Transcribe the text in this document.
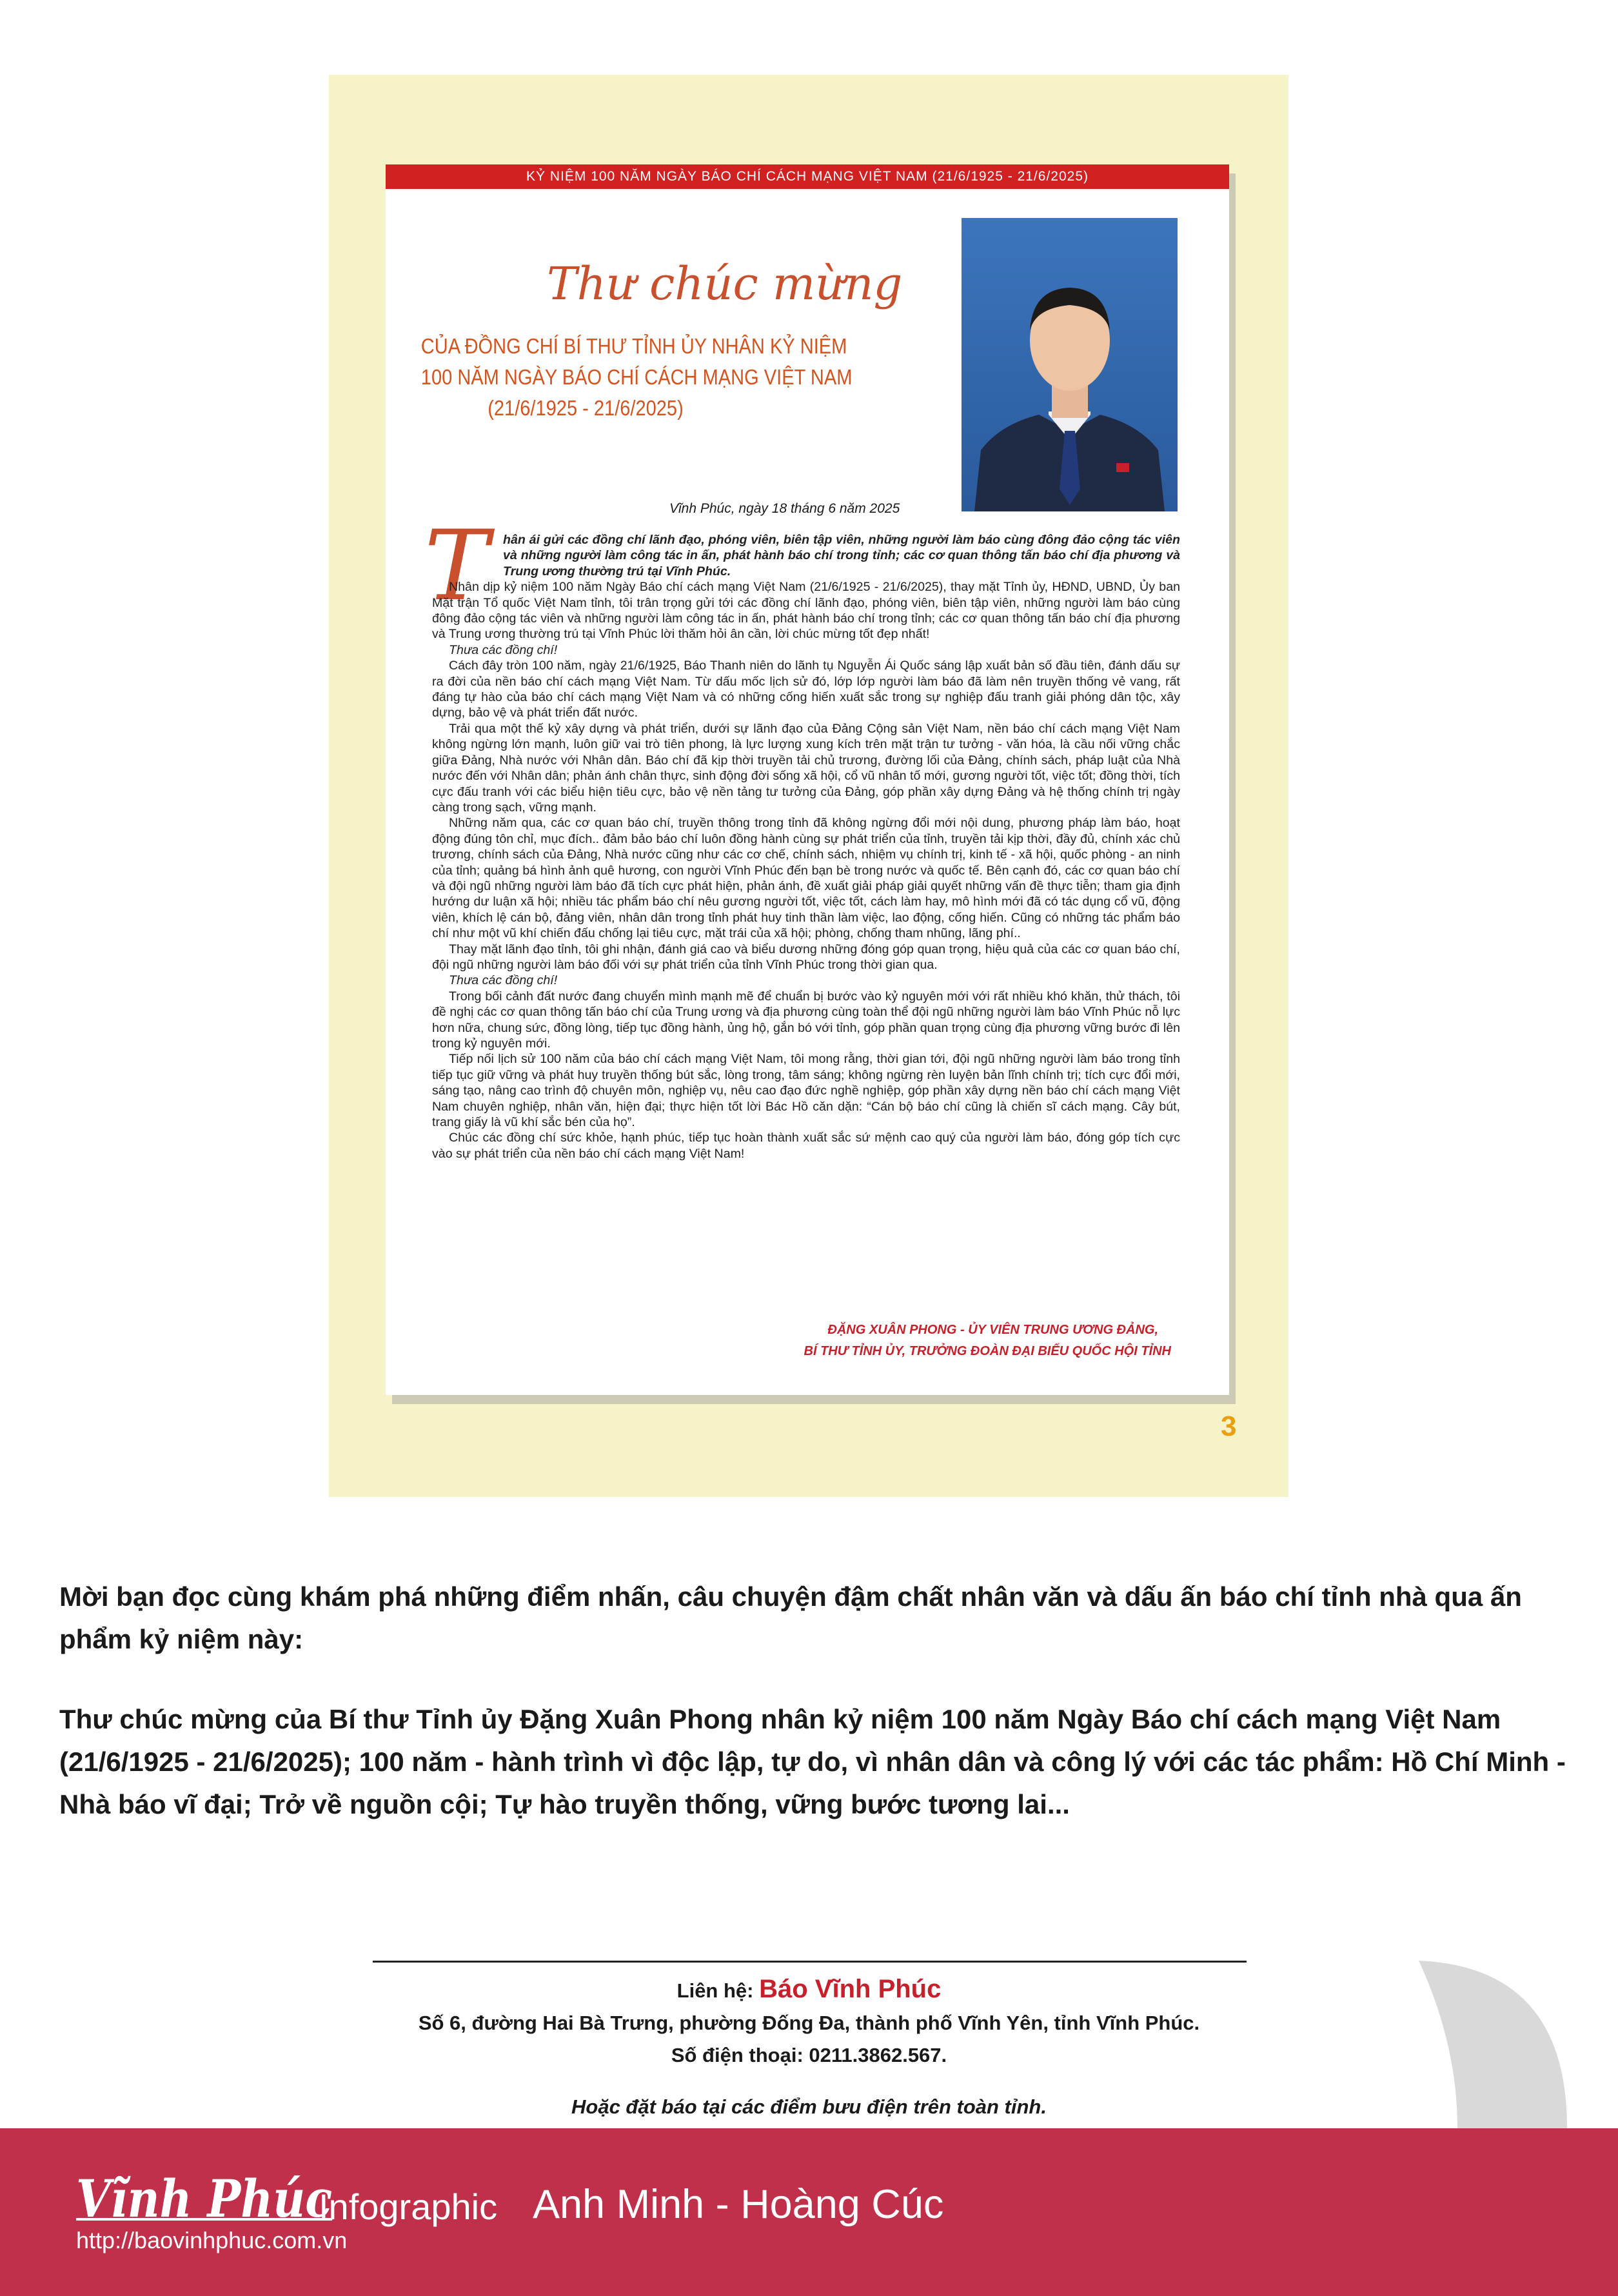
KỶ NIỆM 100 NĂM NGÀY BÁO CHÍ CÁCH MẠNG VIỆT NAM (21/6/1925 - 21/6/2025)
Thư chúc mừng
CỦA ĐỒNG CHÍ BÍ THƯ TỈNH ỦY NHÂN KỶ NIỆM
100 NĂM NGÀY BÁO CHÍ CÁCH MẠNG VIỆT NAM
(21/6/1925 - 21/6/2025)
Vĩnh Phúc, ngày 18 tháng 6 năm 2025
T hân ái gửi các đồng chí lãnh đạo, phóng viên, biên tập viên, những người làm báo cùng đông đảo cộng tác viên và những người làm công tác in ấn, phát hành báo chí trong tỉnh; các cơ quan thông tấn báo chí địa phương và Trung ương thường trú tại Vĩnh Phúc.

Nhân dịp kỷ niệm 100 năm Ngày Báo chí cách mạng Việt Nam (21/6/1925 - 21/6/2025), thay mặt Tỉnh ủy, HĐND, UBND, Ủy ban Mặt trận Tổ quốc Việt Nam tỉnh, tôi trân trọng gửi tới các đồng chí lãnh đạo, phóng viên, biên tập viên, những người làm báo cùng đông đảo cộng tác viên và những người làm công tác in ấn, phát hành báo chí trong tỉnh; các cơ quan thông tấn báo chí địa phương và Trung ương thường trú tại Vĩnh Phúc lời thăm hỏi ân cần, lời chúc mừng tốt đẹp nhất!

Thưa các đồng chí!

Cách đây tròn 100 năm, ngày 21/6/1925, Báo Thanh niên do lãnh tụ Nguyễn Ái Quốc sáng lập xuất bản số đầu tiên, đánh dấu sự ra đời của nền báo chí cách mạng Việt Nam. Từ dấu mốc lịch sử đó, lớp lớp người làm báo đã làm nên truyền thống vẻ vang, rất đáng tự hào của báo chí cách mạng Việt Nam và có những cống hiến xuất sắc trong sự nghiệp đấu tranh giải phóng dân tộc, xây dựng, bảo vệ và phát triển đất nước.

Trải qua một thế kỷ xây dựng và phát triển, dưới sự lãnh đạo của Đảng Cộng sản Việt Nam, nền báo chí cách mạng Việt Nam không ngừng lớn mạnh, luôn giữ vai trò tiên phong, là lực lượng xung kích trên mặt trận tư tưởng - văn hóa, là cầu nối vững chắc giữa Đảng, Nhà nước với Nhân dân. Báo chí đã kịp thời truyền tải chủ trương, đường lối của Đảng, chính sách, pháp luật của Nhà nước đến với Nhân dân; phản ánh chân thực, sinh động đời sống xã hội, cổ vũ nhân tố mới, gương người tốt, việc tốt; đồng thời, tích cực đấu tranh với các biểu hiện tiêu cực, bảo vệ nền tảng tư tưởng của Đảng, góp phần xây dựng Đảng và hệ thống chính trị ngày càng trong sạch, vững mạnh.

Những năm qua, các cơ quan báo chí, truyền thông trong tỉnh đã không ngừng đổi mới nội dung, phương pháp làm báo, hoạt động đúng tôn chỉ, mục đích.. đảm bảo báo chí luôn đồng hành cùng sự phát triển của tỉnh, truyền tải kịp thời, đầy đủ, chính xác chủ trương, chính sách của Đảng, Nhà nước cũng như các cơ chế, chính sách, nhiệm vụ chính trị, kinh tế - xã hội, quốc phòng - an ninh của tỉnh; quảng bá hình ảnh quê hương, con người Vĩnh Phúc đến bạn bè trong nước và quốc tế. Bên cạnh đó, các cơ quan báo chí và đội ngũ những người làm báo đã tích cực phát hiện, phản ánh, đề xuất giải pháp giải quyết những vấn đề thực tiễn; tham gia định hướng dư luận xã hội; nhiều tác phẩm báo chí nêu gương người tốt, việc tốt, cách làm hay, mô hình mới đã có tác dụng cổ vũ, động viên, khích lệ cán bộ, đảng viên, nhân dân trong tỉnh phát huy tinh thần làm việc, lao động, cống hiến. Cũng có những tác phẩm báo chí như một vũ khí chiến đấu chống lại tiêu cực, mặt trái của xã hội; phòng, chống tham nhũng, lãng phí..

Thay mặt lãnh đạo tỉnh, tôi ghi nhận, đánh giá cao và biểu dương những đóng góp quan trọng, hiệu quả của các cơ quan báo chí, đội ngũ những người làm báo đối với sự phát triển của tỉnh Vĩnh Phúc trong thời gian qua.

Thưa các đồng chí!

Trong bối cảnh đất nước đang chuyển mình mạnh mẽ để chuẩn bị bước vào kỷ nguyên mới với rất nhiều khó khăn, thử thách, tôi đề nghị các cơ quan thông tấn báo chí của Trung ương và địa phương cùng toàn thể đội ngũ những người làm báo Vĩnh Phúc nỗ lực hơn nữa, chung sức, đồng lòng, tiếp tục đồng hành, ủng hộ, gắn bó với tỉnh, góp phần quan trọng cùng địa phương vững bước đi lên trong kỷ nguyên mới.

Tiếp nối lịch sử 100 năm của báo chí cách mạng Việt Nam, tôi mong rằng, thời gian tới, đội ngũ những người làm báo trong tỉnh tiếp tục giữ vững và phát huy truyền thống bút sắc, lòng trong, tâm sáng; không ngừng rèn luyện bản lĩnh chính trị; tích cực đổi mới, sáng tạo, nâng cao trình độ chuyên môn, nghiệp vụ, nêu cao đạo đức nghề nghiệp, góp phần xây dựng nền báo chí cách mạng Việt Nam chuyên nghiệp, nhân văn, hiện đại; thực hiện tốt lời Bác Hồ căn dặn: “Cán bộ báo chí cũng là chiến sĩ cách mạng. Cây bút, trang giấy là vũ khí sắc bén của họ”.

Chúc các đồng chí sức khỏe, hạnh phúc, tiếp tục hoàn thành xuất sắc sứ mệnh cao quý của người làm báo, đóng góp tích cực vào sự phát triển của nền báo chí cách mạng Việt Nam!

ĐẶNG XUÂN PHONG - ỦY VIÊN TRUNG ƯƠNG ĐẢNG,
BÍ THƯ TỈNH ỦY, TRƯỞNG ĐOÀN ĐẠI BIỂU QUỐC HỘI TỈNH
3
Mời bạn đọc cùng khám phá những điểm nhấn, câu chuyện đậm chất nhân văn và dấu ấn báo chí tỉnh nhà qua ấn phẩm kỷ niệm này:
Thư chúc mừng của Bí thư Tỉnh ủy Đặng Xuân Phong nhân kỷ niệm 100 năm Ngày Báo chí cách mạng Việt Nam (21/6/1925 - 21/6/2025); 100 năm - hành trình vì độc lập, tự do, vì nhân dân và công lý với các tác phẩm: Hồ Chí Minh - Nhà báo vĩ đại; Trở về nguồn cội; Tự hào truyền thống, vững bước tương lai...
Liên hệ: Báo Vĩnh Phúc
Số 6, đường Hai Bà Trưng, phường Đống Đa, thành phố Vĩnh Yên, tỉnh Vĩnh Phúc.
Số điện thoại: 0211.3862.567.
Hoặc đặt báo tại các điểm bưu điện trên toàn tỉnh.
Vĩnh Phúc
Infographic Anh Minh - Hoàng Cúc
http://baovinhphuc.com.vn
